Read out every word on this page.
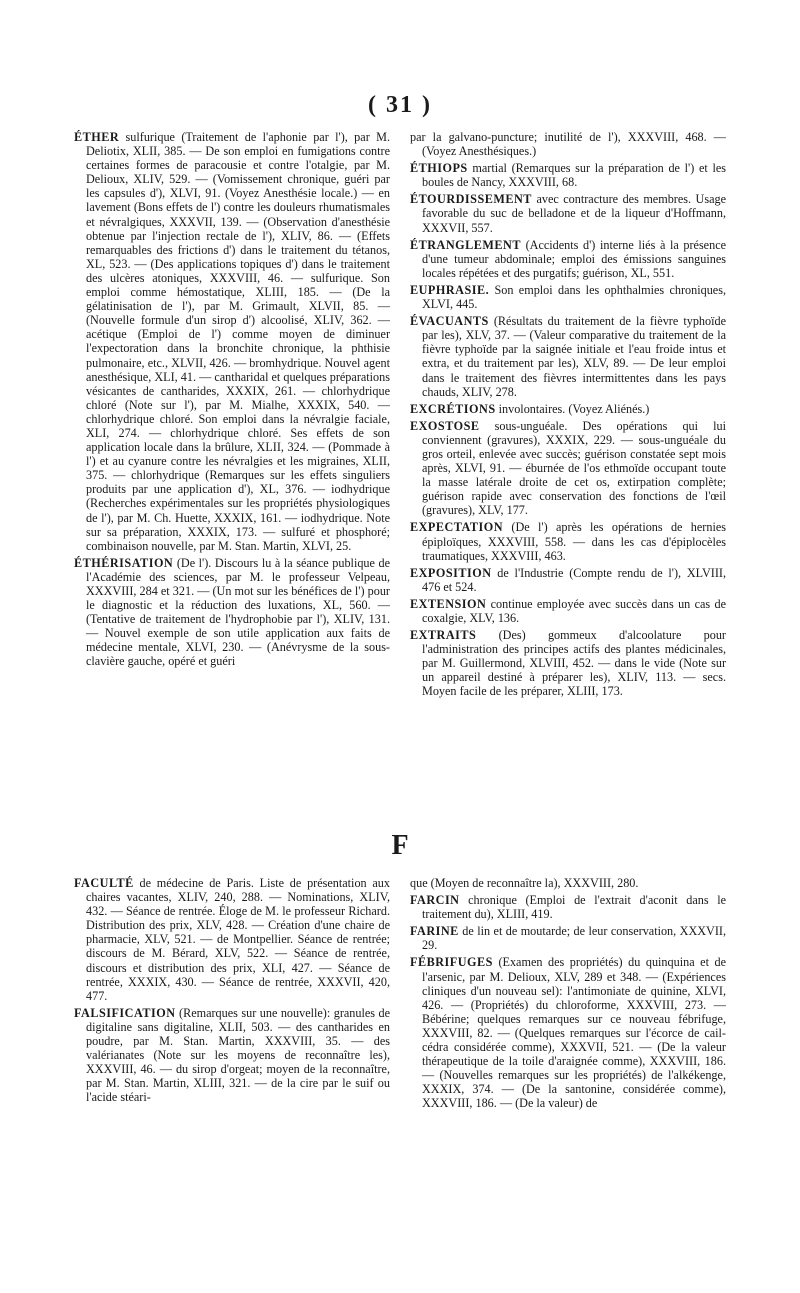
( 31 )

ÉTHER sulfurique (Traitement de l'aphonie par l'), par M. Deliotix, XLII, 385. — De son emploi en fumigations contre certaines formes de paracousie et contre l'otalgie, par M. Delioux, XLIV, 529. — (Vomissement chronique, guéri par les capsules d'), XLVI, 91. (Voyez Anesthésie locale.) — en lavement (Bons effets de l') contre les douleurs rhumatismales et névralgiques, XXXVII, 139. — (Observation d'anesthésie obtenue par l'injection rectale de l'), XLIV, 86. — (Effets remarquables des frictions d') dans le traitement du tétanos, XL, 523. — (Des applications topiques d') dans le traitement des ulcères atoniques, XXXVIII, 46. — sulfurique. Son emploi comme hémostatique, XLIII, 185. — (De la gélatinisation de l'), par M. Grimault, XLVII, 85. — (Nouvelle formule d'un sirop d') alcoolisé, XLIV, 362. — acétique (Emploi de l') comme moyen de diminuer l'expectoration dans la bronchite chronique, la phthisie pulmonaire, etc., XLVII, 426. — bromhydrique. Nouvel agent anesthésique, XLI, 41. — cantharidal et quelques préparations vésicantes de cantharides, XXXIX, 261. — chlorhydrique chloré (Note sur l'), par M. Mialhe, XXXIX, 540. — chlorhydrique chloré. Son emploi dans la névralgie faciale, XLI, 274. — chlorhydrique chloré. Ses effets de son application locale dans la brûlure, XLII, 324. — (Pommade à l') et au cyanure contre les névralgies et les migraines, XLII, 375. — chlorhydrique (Remarques sur les effets singuliers produits par une application d'), XL, 376. — iodhydrique (Recherches expérimentales sur les propriétés physiologiques de l'), par M. Ch. Huette, XXXIX, 161. — iodhydrique. Note sur sa préparation, XXXIX, 173. — sulfuré et phosphoré; combinaison nouvelle, par M. Stan. Martin, XLVI, 25.

ÉTHÉRISATION (De l'). Discours lu à la séance publique de l'Académie des sciences, par M. le professeur Velpeau, XXXVIII, 284 et 321. — (Un mot sur les bénéfices de l') pour le diagnostic et la réduction des luxations, XL, 560. — (Tentative de traitement de l'hydrophobie par l'), XLIV, 131. — Nouvel exemple de son utile application aux faits de médecine mentale, XLVI, 230. — (Anévrysme de la sous-clavière gauche, opéré et guéri

par la galvano-puncture; inutilité de l'), XXXVIII, 468. — (Voyez Anesthésiques.)

ÉTHIOPS martial (Remarques sur la préparation de l') et les boules de Nancy, XXXVIII, 68.

ÉTOURDISSEMENT avec contracture des membres. Usage favorable du suc de belladone et de la liqueur d'Hoffmann, XXXVII, 557.

ÉTRANGLEMENT (Accidents d') interne liés à la présence d'une tumeur abdominale; emploi des émissions sanguines locales répétées et des purgatifs; guérison, XL, 551.

EUPHRASIE. Son emploi dans les ophthalmies chroniques, XLVI, 445.

ÉVACUANTS (Résultats du traitement de la fièvre typhoïde par les), XLV, 37. — (Valeur comparative du traitement de la fièvre typhoïde par la saignée initiale et l'eau froide intus et extra, et du traitement par les), XLV, 89. — De leur emploi dans le traitement des fièvres intermittentes dans les pays chauds, XLIV, 278.

EXCRÉTIONS involontaires. (Voyez Aliénés.)

EXOSTOSE sous-unguéale. Des opérations qui lui conviennent (gravures), XXXIX, 229. — sous-unguéale du gros orteil, enlevée avec succès; guérison constatée sept mois après, XLVI, 91. — éburnée de l'os ethmoïde occupant toute la masse latérale droite de cet os, extirpation complète; guérison rapide avec conservation des fonctions de l'œil (gravures), XLV, 177.

EXPECTATION (De l') après les opérations de hernies épiploïques, XXXVIII, 558. — dans les cas d'épiplocèles traumatiques, XXXVIII, 463.

EXPOSITION de l'Industrie (Compte rendu de l'), XLVIII, 476 et 524.

EXTENSION continue employée avec succès dans un cas de coxalgie, XLV, 136.

EXTRAITS (Des) gommeux d'alcoolature pour l'administration des principes actifs des plantes médicinales, par M. Guillermond, XLVIII, 452. — dans le vide (Note sur un appareil destiné à préparer les), XLIV, 113. — secs. Moyen facile de les préparer, XLIII, 173.

F

FACULTÉ de médecine de Paris. Liste de présentation aux chaires vacantes, XLIV, 240, 288. — Nominations, XLIV, 432. — Séance de rentrée. Éloge de M. le professeur Richard. Distribution des prix, XLV, 428. — Création d'une chaire de pharmacie, XLV, 521. — de Montpellier. Séance de rentrée; discours de M. Bérard, XLV, 522. — Séance de rentrée, discours et distribution des prix, XLI, 427. — Séance de rentrée, XXXIX, 430. — Séance de rentrée, XXXVII, 420, 477.

FALSIFICATION (Remarques sur une nouvelle): granules de digitaline sans digitaline, XLII, 503. — des cantharides en poudre, par M. Stan. Martin, XXXVIII, 35. — des valérianates (Note sur les moyens de reconnaître les), XXXVIII, 46. — du sirop d'orgeat; moyen de la reconnaître, par M. Stan. Martin, XLIII, 321. — de la cire par le suif ou l'acide stéari-

que (Moyen de reconnaître la), XXXVIII, 280.

FARCIN chronique (Emploi de l'extrait d'aconit dans le traitement du), XLIII, 419.

FARINE de lin et de moutarde; de leur conservation, XXXVII, 29.

FÉBRIFUGES (Examen des propriétés) du quinquina et de l'arsenic, par M. Delioux, XLV, 289 et 348. — (Expériences cliniques d'un nouveau sel): l'antimoniate de quinine, XLVI, 426. — (Propriétés) du chloroforme, XXXVIII, 273. — Bébérine; quelques remarques sur ce nouveau fébrifuge, XXXVIII, 82. — (Quelques remarques sur l'écorce de cail-cédra considérée comme), XXXVII, 521. — (De la valeur thérapeutique de la toile d'araignée comme), XXXVIII, 186. — (Nouvelles remarques sur les propriétés) de l'alkékenge, XXXIX, 374. — (De la santonine, considérée comme), XXXVIII, 186. — (De la valeur) de
